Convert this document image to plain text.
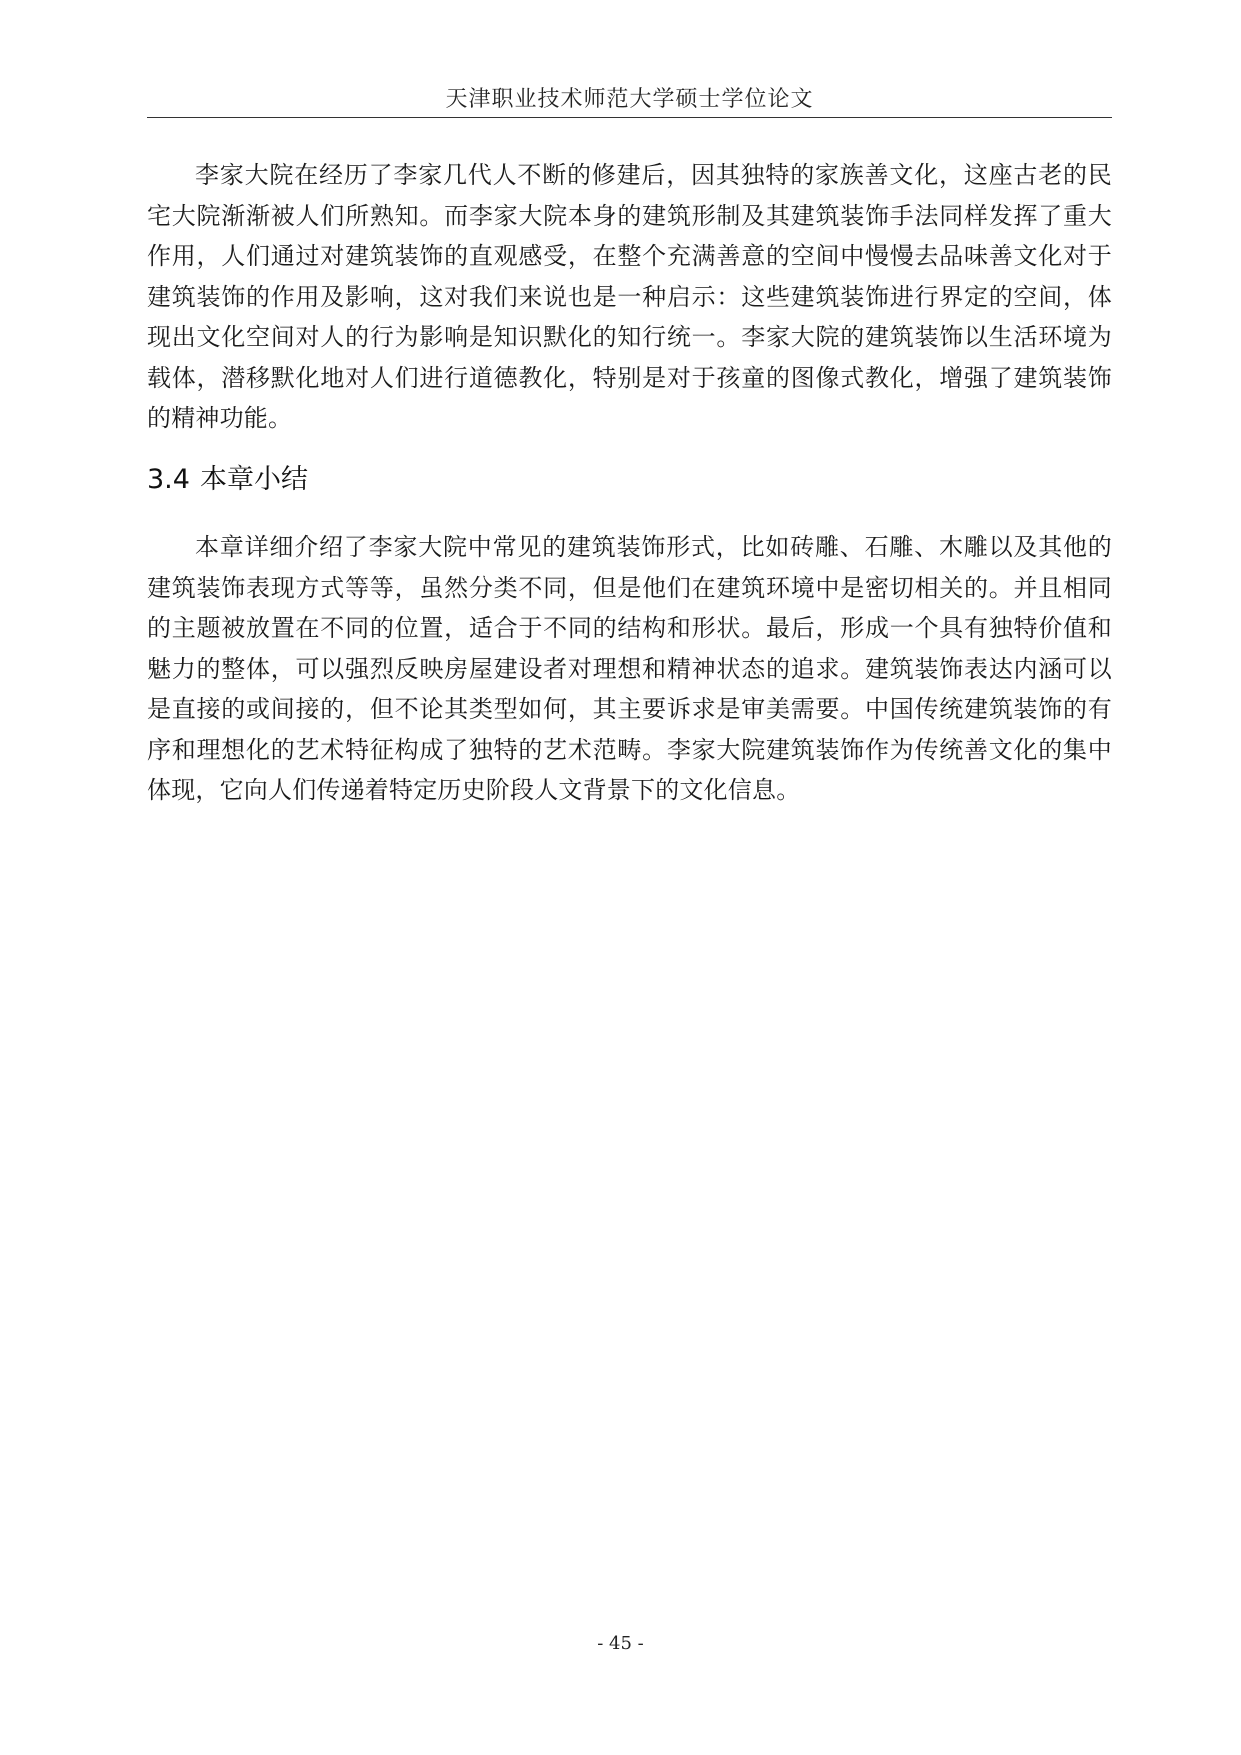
天津职业技术师范大学硕士学位论文

李家大院在经历了李家几代人不断的修建后，因其独特的家族善文化，这座古老的民宅大院渐渐被人们所熟知。而李家大院本身的建筑形制及其建筑装饰手法同样发挥了重大作用，人们通过对建筑装饰的直观感受，在整个充满善意的空间中慢慢去品味善文化对于建筑装饰的作用及影响，这对我们来说也是一种启示：这些建筑装饰进行界定的空间，体现出文化空间对人的行为影响是知识默化的知行统一。李家大院的建筑装饰以生活环境为载体，潜移默化地对人们进行道德教化，特别是对于孩童的图像式教化，增强了建筑装饰的精神功能。

3.4 本章小结

本章详细介绍了李家大院中常见的建筑装饰形式，比如砖雕、石雕、木雕以及其他的建筑装饰表现方式等等，虽然分类不同，但是他们在建筑环境中是密切相关的。并且相同的主题被放置在不同的位置，适合于不同的结构和形状。最后，形成一个具有独特价值和魅力的整体，可以强烈反映房屋建设者对理想和精神状态的追求。建筑装饰表达内涵可以是直接的或间接的，但不论其类型如何，其主要诉求是审美需要。中国传统建筑装饰的有序和理想化的艺术特征构成了独特的艺术范畴。李家大院建筑装饰作为传统善文化的集中体现，它向人们传递着特定历史阶段人文背景下的文化信息。

- 45 -
